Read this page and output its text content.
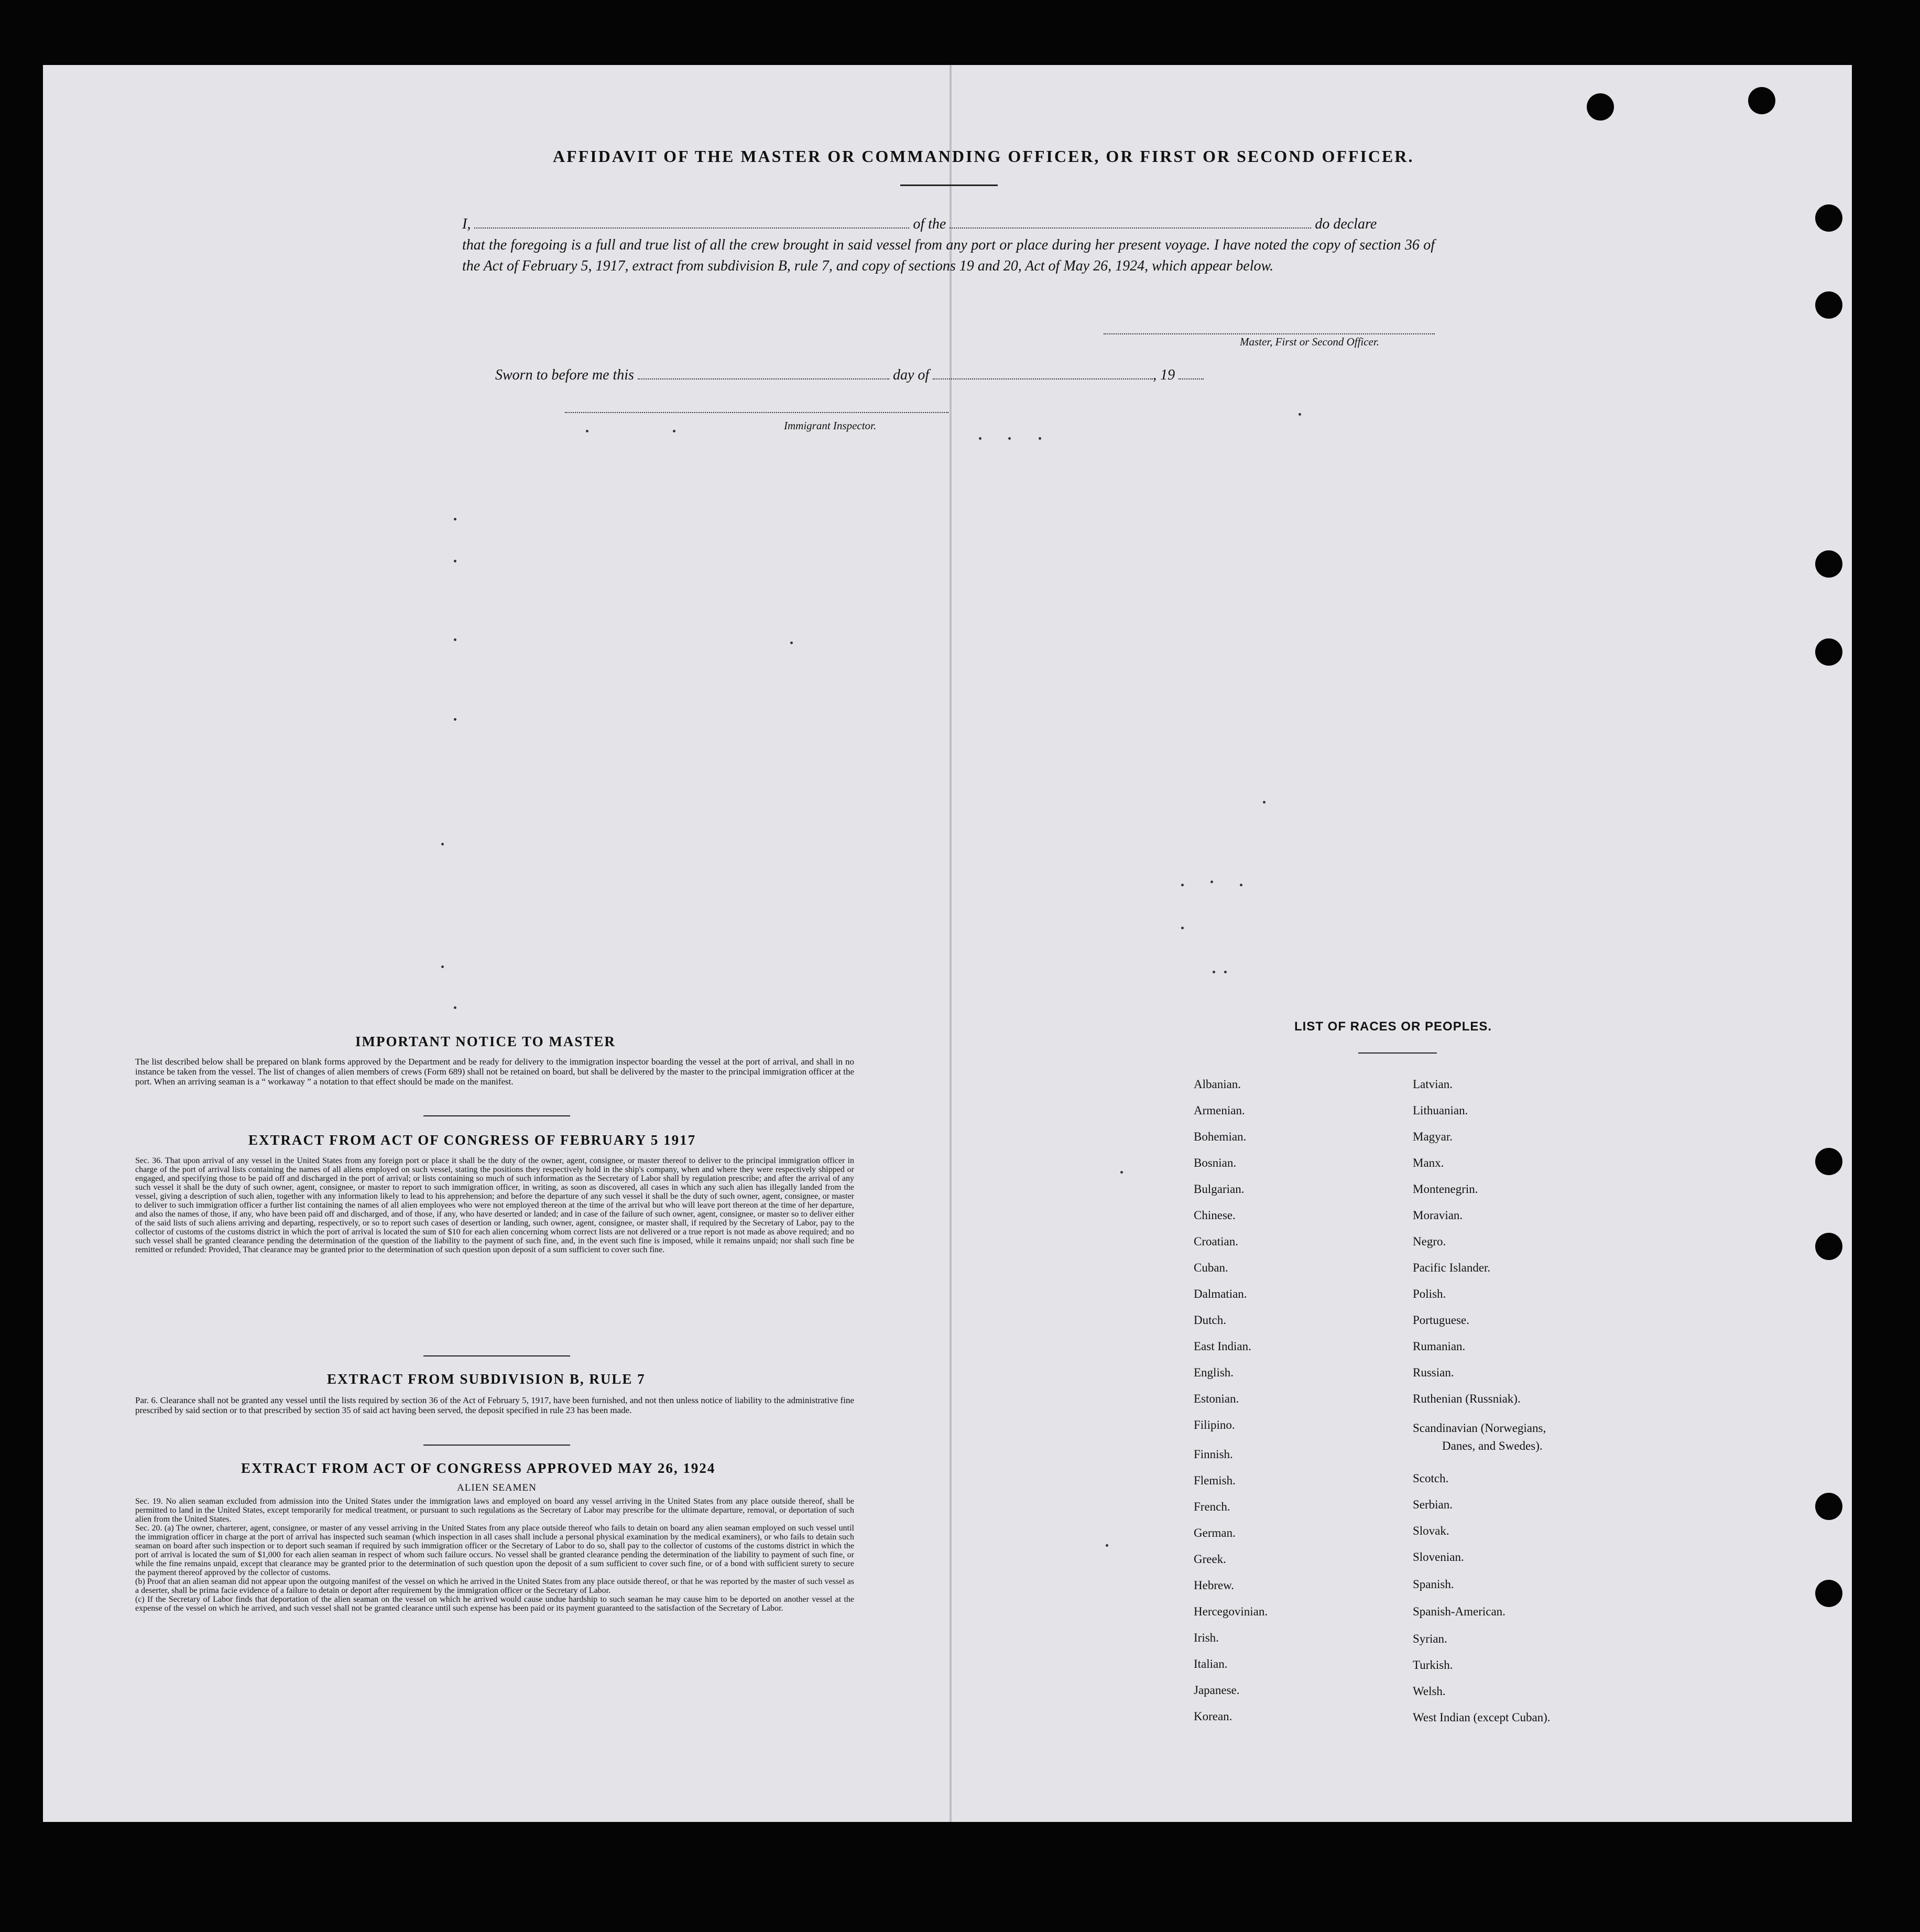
AFFIDAVIT OF THE MASTER OR COMMANDING OFFICER, OR FIRST OR SECOND OFFICER.

I,	of the	do declare

that the foregoing is a full and true list of all the crew brought in said vessel from any port or place during her present voyage. I have noted the copy of section 36 of the Act of February 5, 1917, extract from subdivision B, rule 7, and copy of sections 19 and 20, Act of May 26, 1924, which appear below.

Master, First or Second Officer.
Sworn to before me this	day of	, 19
Immigrant Inspector.
IMPORTANT NOTICE TO MASTER

The list described below shall be prepared on blank forms approved by the Department and be ready for delivery to the immigration inspector boarding the vessel at the port of arrival, and shall in no instance be taken from the vessel. The list of changes of alien members of crews (Form 689) shall not be retained on board, but shall be delivered by the master to the principal immigration officer at the port. When an arriving seaman is a “ workaway ” a notation to that effect should be made on the manifest.

EXTRACT FROM ACT OF CONGRESS OF FEBRUARY 5 1917

Sec. 36. That upon arrival of any vessel in the United States from any foreign port or place it shall be the duty of the owner, agent, consignee, or master thereof to deliver to the principal immigration officer in charge of the port of arrival lists containing the names of all aliens employed on such vessel, stating the positions they respectively hold in the ship's company, when and where they were respectively shipped or engaged, and specifying those to be paid off and discharged in the port of arrival; or lists containing so much of such information as the Secretary of Labor shall by regulation prescribe; and after the arrival of any such vessel it shall be the duty of such owner, agent, consignee, or master to report to such immigration officer, in writing, as soon as discovered, all cases in which any such alien has illegally landed from the vessel, giving a description of such alien, together with any information likely to lead to his apprehension; and before the departure of any such vessel it shall be the duty of such owner, agent, consignee, or master to deliver to such immigration officer a further list containing the names of all alien employees who were not employed thereon at the time of the arrival but who will leave port thereon at the time of her departure, and also the names of those, if any, who have been paid off and discharged, and of those, if any, who have deserted or landed; and in case of the failure of such owner, agent, consignee, or master so to deliver either of the said lists of such aliens arriving and departing, respectively, or so to report such cases of desertion or landing, such owner, agent, consignee, or master shall, if required by the Secretary of Labor, pay to the collector of customs of the customs district in which the port of arrival is located the sum of $10 for each alien concerning whom correct lists are not delivered or a true report is not made as above required; and no such vessel shall be granted clearance pending the determination of the question of the liability to the payment of such fine, and, in the event such fine is imposed, while it remains unpaid; nor shall such fine be remitted or refunded: Provided, That clearance may be granted prior to the determination of such question upon deposit of a sum sufficient to cover such fine.

EXTRACT FROM SUBDIVISION B, RULE 7

Par. 6. Clearance shall not be granted any vessel until the lists required by section 36 of the Act of February 5, 1917, have been furnished, and not then unless notice of liability to the administrative fine prescribed by said section or to that prescribed by section 35 of said act having been served, the deposit specified in rule 23 has been made.

EXTRACT FROM ACT OF CONGRESS APPROVED MAY 26, 1924
ALIEN SEAMEN

Sec. 19. No alien seaman excluded from admission into the United States under the immigration laws and employed on board any vessel arriving in the United States from any place outside thereof, shall be permitted to land in the United States, except temporarily for medical treatment, or pursuant to such regulations as the Secretary of Labor may prescribe for the ultimate departure, removal, or deportation of such alien from the United States.

Sec. 20. (a) The owner, charterer, agent, consignee, or master of any vessel arriving in the United States from any place outside thereof who fails to detain on board any alien seaman employed on such vessel until the immigration officer in charge at the port of arrival has inspected such seaman (which inspection in all cases shall include a personal physical examination by the medical examiners), or who fails to detain such seaman on board after such inspection or to deport such seaman if required by such immigration officer or the Secretary of Labor to do so, shall pay to the collector of customs of the customs district in which the port of arrival is located the sum of $1,000 for each alien seaman in respect of whom such failure occurs. No vessel shall be granted clearance pending the determination of the liability to payment of such fine, or while the fine remains unpaid, except that clearance may be granted prior to the determination of such question upon the deposit of a sum sufficient to cover such fine, or of a bond with sufficient surety to secure the payment thereof approved by the collector of customs.

(b) Proof that an alien seaman did not appear upon the outgoing manifest of the vessel on which he arrived in the United States from any place outside thereof, or that he was reported by the master of such vessel as a deserter, shall be prima facie evidence of a failure to detain or deport after requirement by the immigration officer or the Secretary of Labor.

(c) If the Secretary of Labor finds that deportation of the alien seaman on the vessel on which he arrived would cause undue hardship to such seaman he may cause him to be deported on another vessel at the expense of the vessel on which he arrived, and such vessel shall not be granted clearance until such expense has been paid or its payment guaranteed to the satisfaction of the Secretary of Labor.

LIST OF RACES OR PEOPLES.
Albanian.
Armenian.
Bohemian.
Bosnian.
Bulgarian.
Chinese.
Croatian.
Cuban.
Dalmatian.
Dutch.
East Indian.
English.
Estonian.
Filipino.
Finnish.
Flemish.
French.
German.
Greek.
Hebrew.
Hercegovinian.
Irish.
Italian.
Japanese.
Korean.
Latvian.
Lithuanian.
Magyar.
Manx.
Montenegrin.
Moravian.
Negro.
Pacific Islander.
Polish.
Portuguese.
Rumanian.
Russian.
Ruthenian (Russniak).
Scandinavian (Norwegians,
Danes, and Swedes).
Scotch.
Serbian.
Slovak.
Slovenian.
Spanish.
Spanish-American.
Syrian.
Turkish.
Welsh.
West Indian (except Cuban).
